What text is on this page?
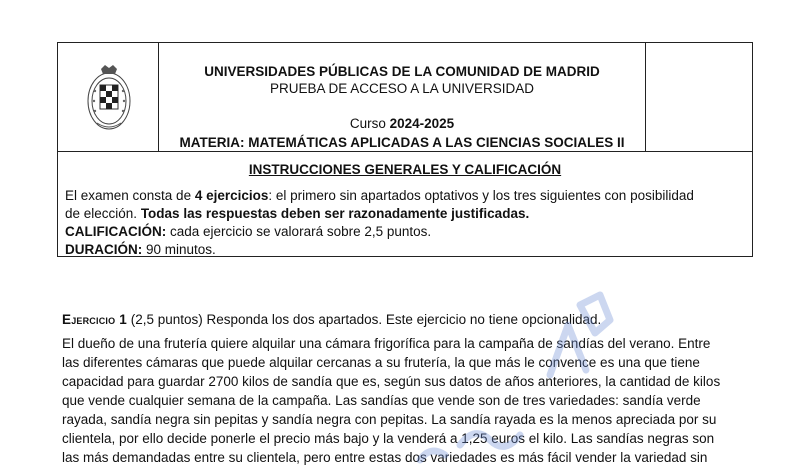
UNIVERSIDADES PÚBLICAS DE LA COMUNIDAD DE MADRID
PRUEBA DE ACCESO A LA UNIVERSIDAD
Curso 2024-2025
MATERIA: MATEMÁTICAS APLICADAS A LAS CIENCIAS SOCIALES II
INSTRUCCIONES GENERALES Y CALIFICACIÓN

El examen consta de 4 ejercicios: el primero sin apartados optativos y los tres siguientes con posibilidad

de elección. Todas las respuestas deben ser razonadamente justificadas.

CALIFICACIÓN: cada ejercicio se valorará sobre 2,5 puntos.

DURACIÓN: 90 minutos.

Ejercicio 1 (2,5 puntos) Responda los dos apartados. Este ejercicio no tiene opcionalidad.

El dueño de una frutería quiere alquilar una cámara frigorífica para la campaña de sandías del verano. Entre

las diferentes cámaras que puede alquilar cercanas a su frutería, la que más le convence es una que tiene

capacidad para guardar 2700 kilos de sandía que es, según sus datos de años anteriores, la cantidad de kilos

que vende cualquier semana de la campaña. Las sandías que vende son de tres variedades: sandía verde

rayada, sandía negra sin pepitas y sandía negra con pepitas. La sandía rayada es la menos apreciada por su

clientela, por ello decide ponerle el precio más bajo y la venderá a 1,25 euros el kilo. Las sandías negras son

las más demandadas entre su clientela, pero entre estas dos variedades es más fácil vender la variedad sin
